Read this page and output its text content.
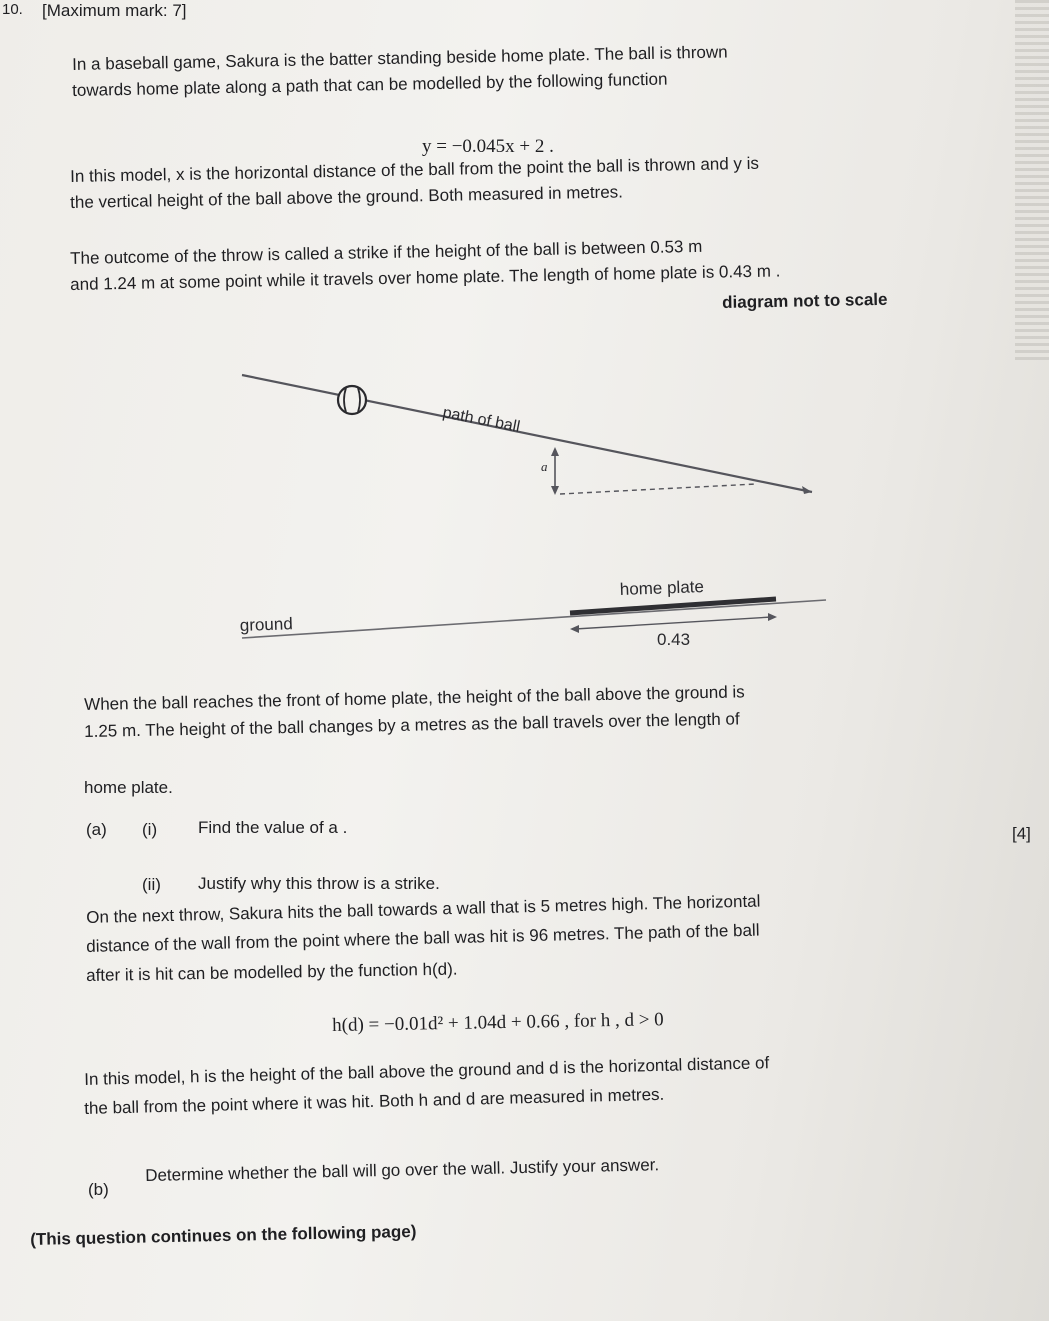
10. [Maximum mark: 7]
In a baseball game, Sakura is the batter standing beside home plate. The ball is thrown
towards home plate along a path that can be modelled by the following function
y = −0.045x + 2 .
In this model, x is the horizontal distance of the ball from the point the ball is thrown and y is
the vertical height of the ball above the ground. Both measured in metres.
The outcome of the throw is called a strike if the height of the ball is between 0.53 m
and 1.24 m at some point while it travels over home plate. The length of home plate is 0.43 m .
diagram not to scale
path of ball
a
home plate
ground
0.43
When the ball reaches the front of home plate, the height of the ball above the ground is
1.25 m. The height of the ball changes by a metres as the ball travels over the length of
home plate.
(a) (i) Find the value of a .	[4]
(ii) Justify why this throw is a strike.
On the next throw, Sakura hits the ball towards a wall that is 5 metres high. The horizontal
distance of the wall from the point where the ball was hit is 96 metres. The path of the ball
after it is hit can be modelled by the function h(d).
h(d) = −0.01d² + 1.04d + 0.66 , for h , d > 0
In this model, h is the height of the ball above the ground and d is the horizontal distance of
the ball from the point where it was hit. Both h and d are measured in metres.
(b)
Determine whether the ball will go over the wall. Justify your answer.
(This question continues on the following page)
